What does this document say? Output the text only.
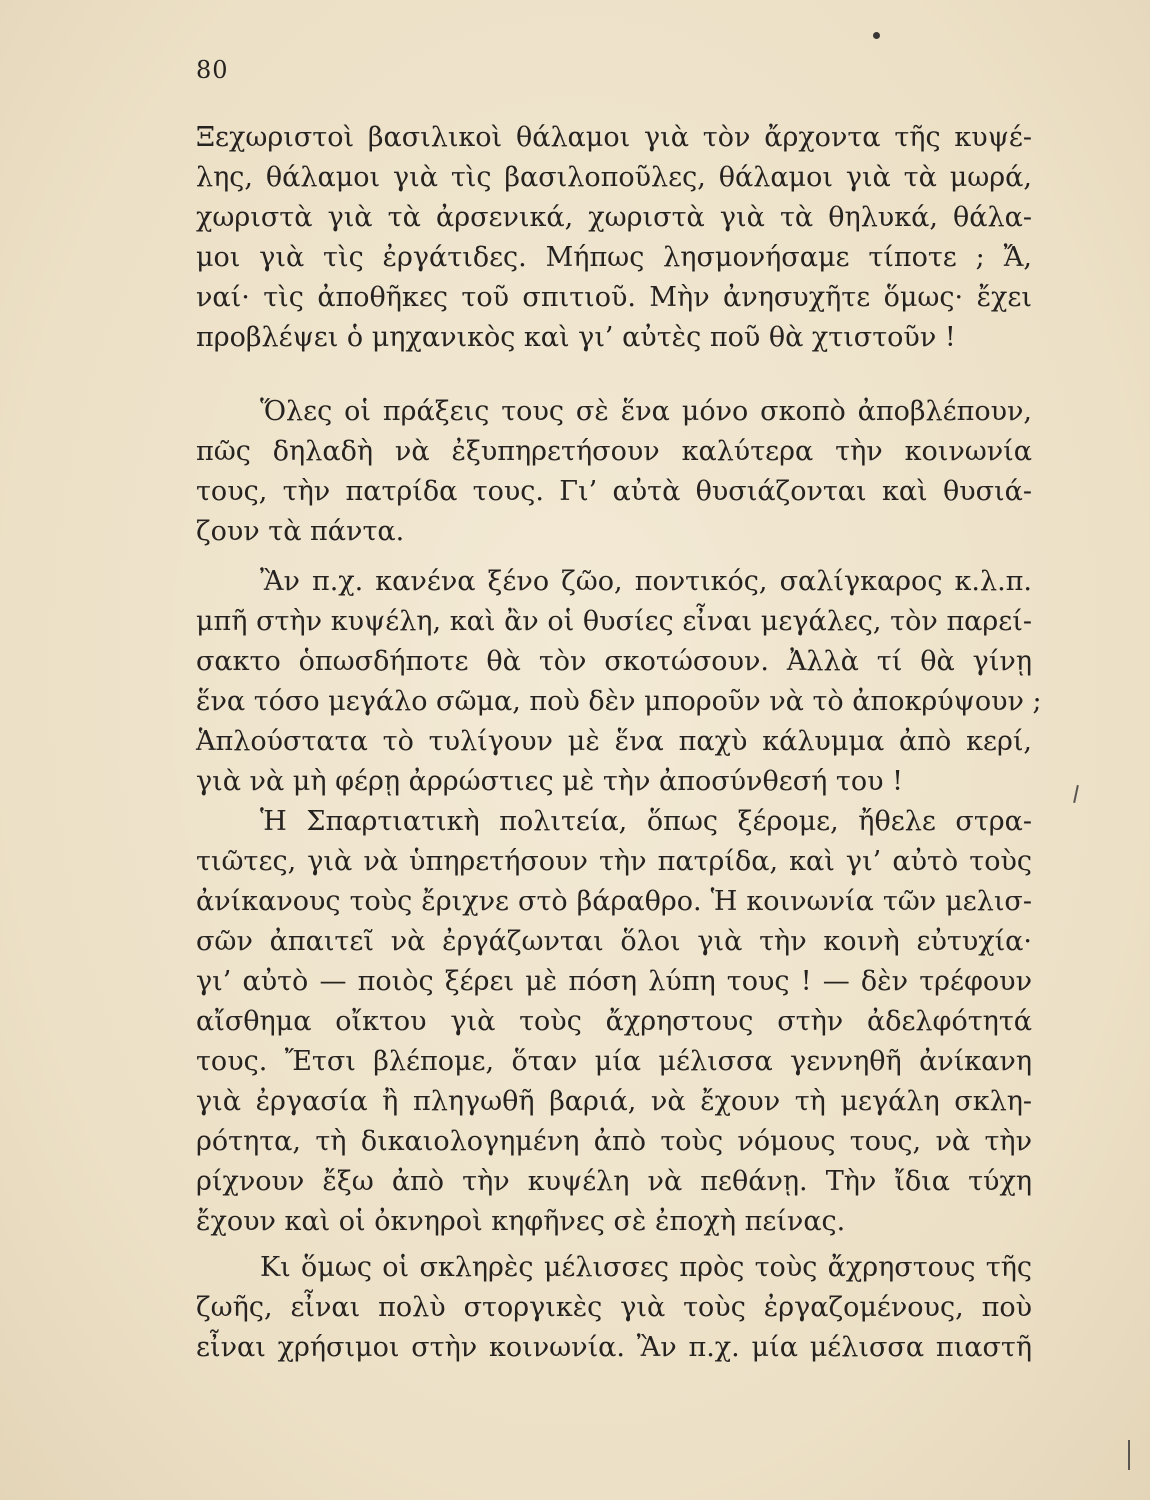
80
Ξεχωριστοὶ βασιλικοὶ θάλαμοι γιὰ τὸν ἄρχοντα τῆς κυψέ-
λης, θάλαμοι γιὰ τὶς βασιλοποῦλες, θάλαμοι γιὰ τὰ μωρά,
χωριστὰ γιὰ τὰ ἀρσενικά, χωριστὰ γιὰ τὰ θηλυκά, θάλα-
μοι γιὰ τὶς ἐργάτιδες. Μήπως λησμονήσαμε τίποτε ; Ἄ,
ναί· τὶς ἀποθῆκες τοῦ σπιτιοῦ. Μὴν ἀνησυχῆτε ὅμως· ἔχει
προβλέψει ὁ μηχανικὸς καὶ γι’ αὐτὲς ποῦ θὰ χτιστοῦν !
Ὅλες οἱ πράξεις τους σὲ ἕνα μόνο σκοπὸ ἀποβλέπουν,
πῶς δηλαδὴ νὰ ἐξυπηρετήσουν καλύτερα τὴν κοινωνία
τους, τὴν πατρίδα τους. Γι’ αὐτὰ θυσιάζονται καὶ θυσιά-
ζουν τὰ πάντα.
Ἂν π.χ. κανένα ξένο ζῶο, ποντικός, σαλίγκαρος κ.λ.π.
μπῆ στὴν κυψέλη, καὶ ἂν οἱ θυσίες εἶναι μεγάλες, τὸν παρεί-
σακτο ὁπωσδήποτε θὰ τὸν σκοτώσουν. Ἀλλὰ τί θὰ γίνῃ
ἕνα τόσο μεγάλο σῶμα, ποὺ δὲν μποροῦν νὰ τὸ ἀποκρύψουν ;
Ἁπλούστατα τὸ τυλίγουν μὲ ἕνα παχὺ κάλυμμα ἀπὸ κερί,
γιὰ νὰ μὴ φέρῃ ἀρρώστιες μὲ τὴν ἀποσύνθεσή του !
Ἡ Σπαρτιατικὴ πολιτεία, ὅπως ξέρομε, ἤθελε στρα-
τιῶτες, γιὰ νὰ ὑπηρετήσουν τὴν πατρίδα, καὶ γι’ αὐτὸ τοὺς
ἀνίκανους τοὺς ἔριχνε στὸ βάραθρο. Ἡ κοινωνία τῶν μελισ-
σῶν ἀπαιτεῖ νὰ ἐργάζωνται ὅλοι γιὰ τὴν κοινὴ εὐτυχία·
γι’ αὐτὸ — ποιὸς ξέρει μὲ πόση λύπη τους ! — δὲν τρέφουν
αἴσθημα οἴκτου γιὰ τοὺς ἄχρηστους στὴν ἀδελφότητά
τους. Ἔτσι βλέπομε, ὅταν μία μέλισσα γεννηθῆ ἀνίκανη
γιὰ ἐργασία ἢ πληγωθῆ βαριά, νὰ ἔχουν τὴ μεγάλη σκλη-
ρότητα, τὴ δικαιολογημένη ἀπὸ τοὺς νόμους τους, νὰ τὴν
ρίχνουν ἔξω ἀπὸ τὴν κυψέλη νὰ πεθάνῃ. Τὴν ἴδια τύχη
ἔχουν καὶ οἱ ὀκνηροὶ κηφῆνες σὲ ἐποχὴ πείνας.
Κι ὅμως οἱ σκληρὲς μέλισσες πρὸς τοὺς ἄχρηστους τῆς
ζωῆς, εἶναι πολὺ στοργικὲς γιὰ τοὺς ἐργαζομένους, ποὺ
εἶναι χρήσιμοι στὴν κοινωνία. Ἂν π.χ. μία μέλισσα πιαστῆ
